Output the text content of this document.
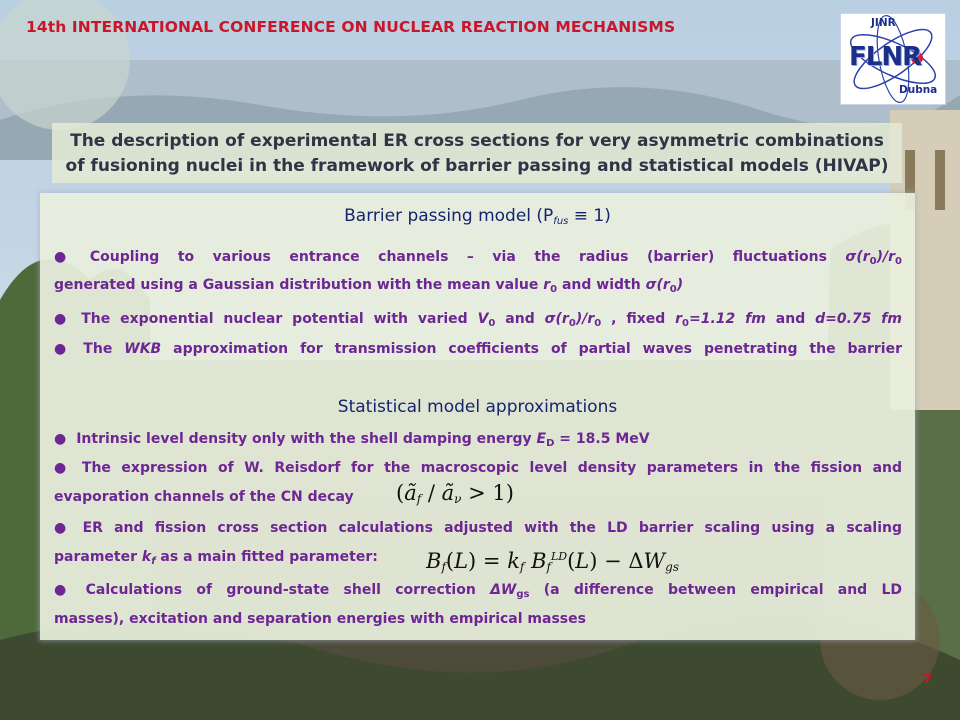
14th INTERNATIONAL CONFERENCE ON NUCLEAR REACTION MECHANISMS	JINR
FLNR
Dubna
The description of experimental ER cross sections for very asymmetric combinations
of fusioning nuclei in the framework of barrier passing and statistical models (HIVAP)
Barrier passing model $(P_{fus} \equiv 1)$
● Coupling to various entrance channels – via the radius (barrier) fluctuations $\sigma(r_0)/r_0$
generated using a Gaussian distribution with the mean value $r_0$ and width $\sigma(r_0)$
● The exponential nuclear potential with varied $V_0$ and $\sigma(r_0)/r_0$ , fixed $r_0=1.12$ fm and d=0.75 fm
● The WKB approximation for transmission coefficients of partial waves penetrating the barrier
Statistical model approximations
● Intrinsic level density only with the shell damping energy $E_D = 18.5$ MeV
● The expression of W. Reisdorf for the macroscopic level density parameters in the fission and
evaporation channels of the CN decay	($ã_f$ / $ã_\nu > 1$)
● ER and fission cross section calculations adjusted with the LD barrier scaling using a scaling
parameter $k_f$ as a main fitted parameter:	$B_f(L) = k_f$ $B_f^{LD}(L) - \Delta W_{gs}$
● Calculations of ground-state shell correction $\Delta W_{gs}$ (a difference between empirical and LD
masses), excitation and separation energies with empirical masses
7
